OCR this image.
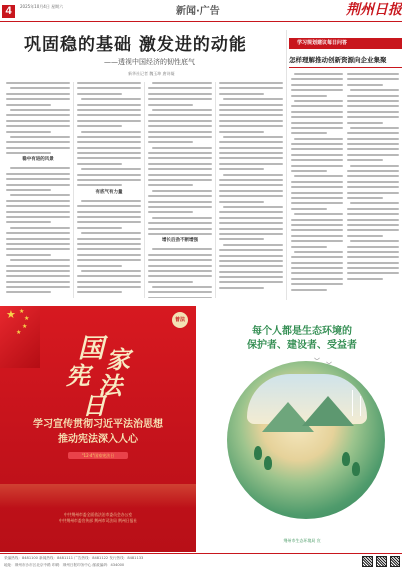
4	2025年10月4日 星期六	新闻·广告	荆州日报
巩固稳的基础 激发进的动能
——透视中国经济的韧性底气
新华社记者 魏玉坤 唐诗凝
稳中有进的风景
有底气有力量
增长后劲不断增强
学习规划建议每日问答
怎样理解推动创新资源向企业集聚
★ ★
★
★
★
普法
国 家
宪 法
日
学习宣传贯彻习近平法治思想
推动宪法深入人心
"12·4"国家宪法日
中共荆州市委全面依法治市委员会办公室
中共荆州市委宣传部 荆州市司法局 荆州日报社
每个人都是生态环境的
保护者、建设者、受益者
荆州市生态环境局 宣
采编热线：8481100 新闻热线：8481111 广告热线：8481122 发行热线：8481133
地址：荆州市沙市区北京中路 印刷：荆州日报印务中心 邮政编码：434000
